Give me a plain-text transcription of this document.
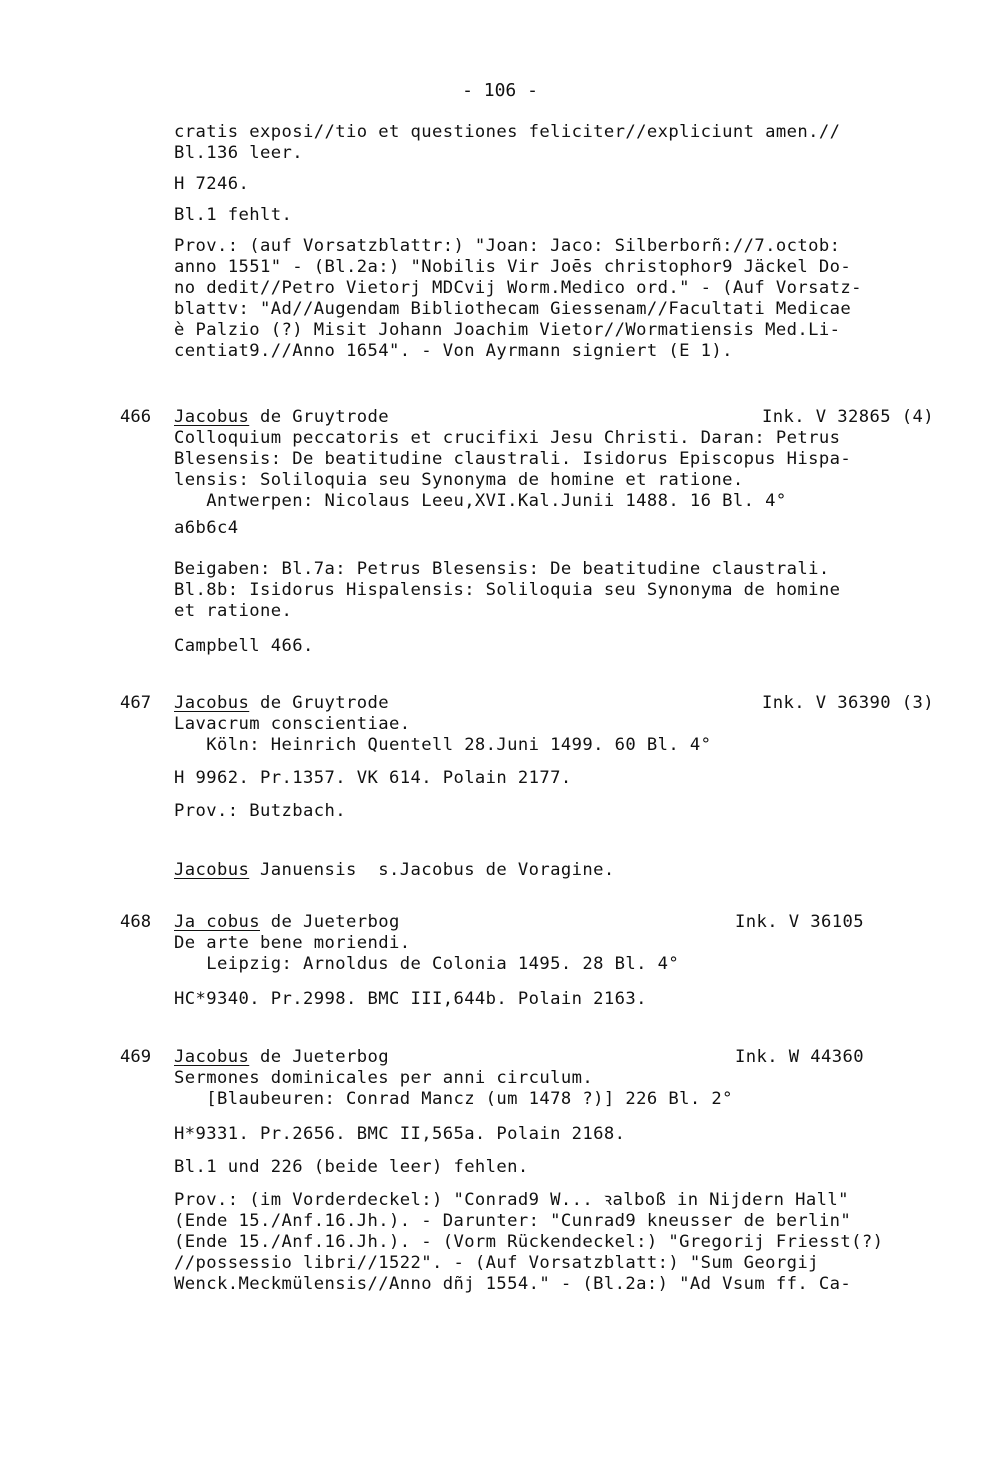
- 106 -
cratis exposi//tio et questiones feliciter//expliciunt amen.//
Bl.136 leer.
H 7246.
Bl.1 fehlt.
Prov.: (auf Vorsatzblattr:) "Joan: Jaco: Silberborñ://7.octob:
anno 1551" - (Bl.2a:) "Nobilis Vir Joēs christophor9 Jäckel Do-
no dedit//Petro Vietorj MDCvij Worm.Medico ord." - (Auf Vorsatz-
blattv: "Ad//Augendam Bibliothecam Giessenam//Facultati Medicae
è Palzio (?) Misit Johann Joachim Vietor//Wormatiensis Med.Li-
centiat9.//Anno 1654". - Von Ayrmann signiert (E 1).
466 Jacobus de Gruytrode	Ink. V 32865 (4)
Colloquium peccatoris et crucifixi Jesu Christi. Daran: Petrus
Blesensis: De beatitudine claustrali. Isidorus Episcopus Hispa-
lensis: Soliloquia seu Synonyma de homine et ratione.
Antwerpen: Nicolaus Leeu,XVI.Kal.Junii 1488. 16 Bl. 4°
a6b6c4
Beigaben: Bl.7a: Petrus Blesensis: De beatitudine claustrali.
Bl.8b: Isidorus Hispalensis: Soliloquia seu Synonyma de homine
et ratione.
Campbell 466.
467 Jacobus de Gruytrode	Ink. V 36390 (3)
Lavacrum conscientiae.
Köln: Heinrich Quentell 28.Juni 1499. 60 Bl. 4°
H 9962. Pr.1357. VK 614. Polain 2177.
Prov.: Butzbach.
Jacobus Januensis  s.Jacobus de Voragine.
468 Ja cobus de Jueterbog	Ink. V 36105
De arte bene moriendi.
Leipzig: Arnoldus de Colonia 1495. 28 Bl. 4°
HC*9340. Pr.2998. BMC III,644b. Polain 2163.
469 Jacobus de Jueterbog	Ink. W 44360
Sermones dominicales per anni circulum.
[Blaubeuren: Conrad Mancz (um 1478 ?)] 226 Bl. 2°
H*9331. Pr.2656. BMC II,565a. Polain 2168.
Bl.1 und 226 (beide leer) fehlen.
Prov.: (im Vorderdeckel:) "Conrad9 W... ꝛalboß in Nijdern Hall"
(Ende 15./Anf.16.Jh.). - Darunter: "Cunrad9 kneusser de berlin"
(Ende 15./Anf.16.Jh.). - (Vorm Rückendeckel:) "Gregorij Friesst(?)
//possessio libri//1522". - (Auf Vorsatzblatt:) "Sum Georgij
Wenck.Meckmülensis//Anno dñj 1554." - (Bl.2a:) "Ad Vsum ff. Ca-
